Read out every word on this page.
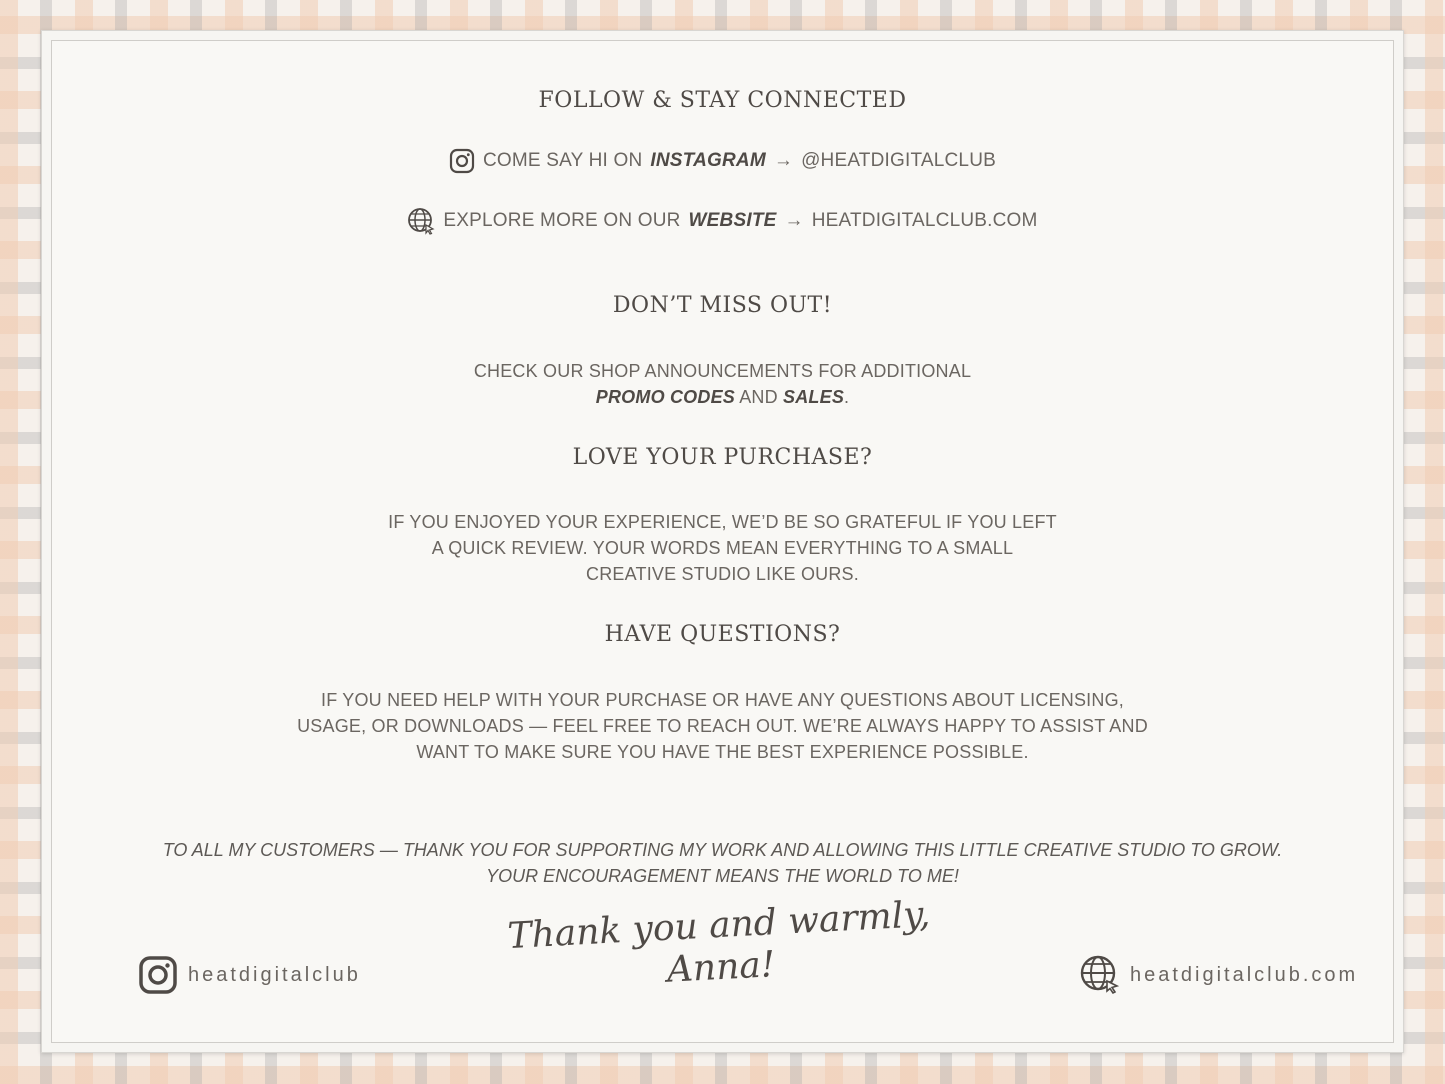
FOLLOW & STAY CONNECTED
COME SAY HI ON INSTAGRAM → @HEATDIGITALCLUB
EXPLORE MORE ON OUR WEBSITE → HEATDIGITALCLUB.COM
DON’T MISS OUT!
CHECK OUR SHOP ANNOUNCEMENTS FOR ADDITIONAL
PROMO CODES AND SALES.
LOVE YOUR PURCHASE?
IF YOU ENJOYED YOUR EXPERIENCE, WE’D BE SO GRATEFUL IF YOU LEFT
A QUICK REVIEW. YOUR WORDS MEAN EVERYTHING TO A SMALL
CREATIVE STUDIO LIKE OURS.
HAVE QUESTIONS?
IF YOU NEED HELP WITH YOUR PURCHASE OR HAVE ANY QUESTIONS ABOUT LICENSING,
USAGE, OR DOWNLOADS — FEEL FREE TO REACH OUT. WE’RE ALWAYS HAPPY TO ASSIST AND
WANT TO MAKE SURE YOU HAVE THE BEST EXPERIENCE POSSIBLE.
TO ALL MY CUSTOMERS — THANK YOU FOR SUPPORTING MY WORK AND ALLOWING THIS LITTLE CREATIVE STUDIO TO GROW.
YOUR ENCOURAGEMENT MEANS THE WORLD TO ME!
Thank you and warmly,
Anna!
heatdigitalclub	heatdigitalclub.com
